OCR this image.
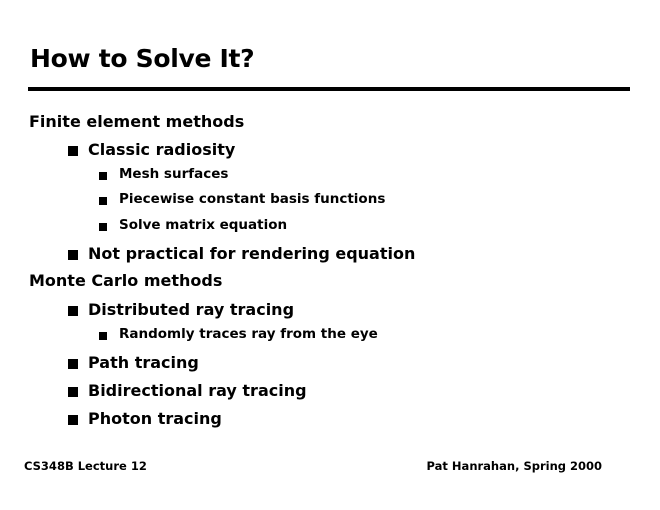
How to Solve It?
Finite element methods
Classic radiosity
Mesh surfaces
Piecewise constant basis functions
Solve matrix equation
Not practical for rendering equation
Monte Carlo methods
Distributed ray tracing
Randomly traces ray from the eye
Path tracing
Bidirectional ray tracing
Photon tracing
CS348B Lecture 12	Pat Hanrahan, Spring 2000
